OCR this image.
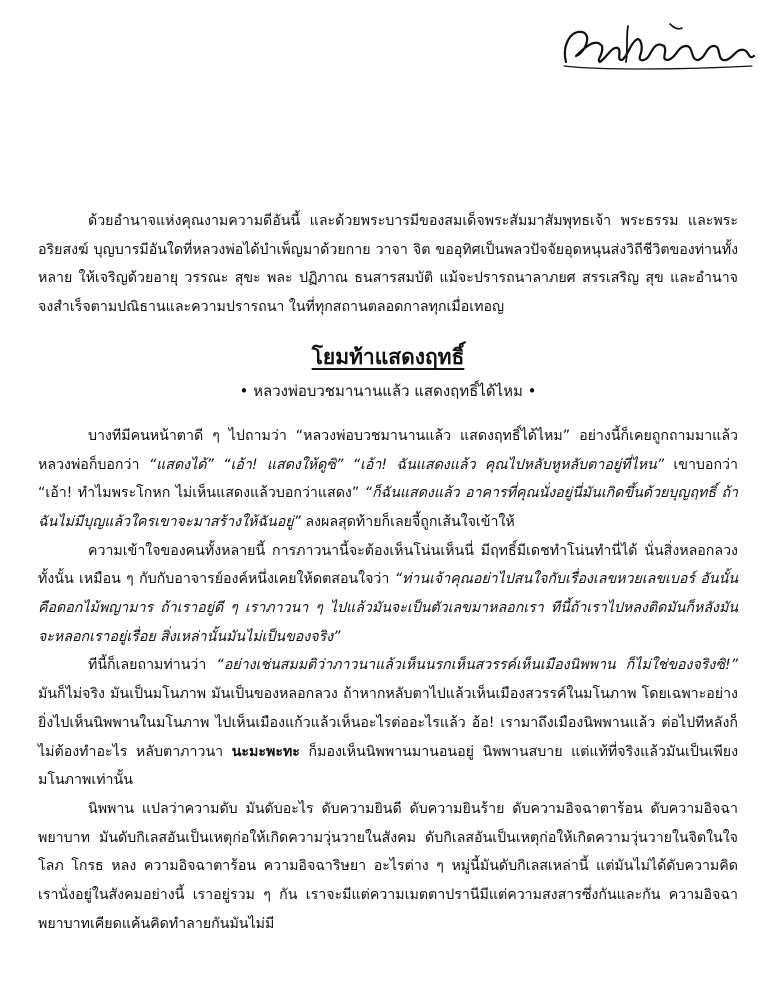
ด้วยอำนาจแห่งคุณงามความดีอันนี้ และด้วยพระบารมีของสมเด็จพระสัมมาสัมพุทธเจ้า พระธรรม และพระอริยสงฆ์ บุญบารมีอันใดที่หลวงพ่อได้บำเพ็ญมาด้วยกาย วาจา จิต ขออุทิศเป็นพลวปัจจัยอุดหนุนส่งวิถีชีวิตของท่านทั้งหลาย ให้เจริญด้วยอายุ วรรณะ สุขะ พละ ปฏิภาณ ธนสารสมบัติ แม้จะปรารถนาลาภยศ สรรเสริญ สุข และอำนาจ จงสำเร็จตามปณิธานและความปรารถนา ในที่ทุกสถานตลอดกาลทุกเมื่อเทอญ

โยมท้าแสดงฤทธิ์
• หลวงพ่อบวชมานานแล้ว แสดงฤทธิ์ได้ไหม •

บางทีมีคนหน้าตาดี ๆ ไปถามว่า “หลวงพ่อบวชมานานแล้ว แสดงฤทธิ์ได้ไหม” อย่างนี้ก็เคยถูกถามมาแล้ว หลวงพ่อก็บอกว่า “แสดงได้” “เอ้า! แสดงให้ดูซิ” “เอ้า! ฉันแสดงแล้ว คุณไปหลับหูหลับตาอยู่ที่ไหน” เขาบอกว่า “เอ้า! ทำไมพระโกหก ไม่เห็นแสดงแล้วบอกว่าแสดง” “ก็ฉันแสดงแล้ว อาคารที่คุณนั่งอยู่นี่มันเกิดขึ้นด้วยบุญฤทธิ์ ถ้าฉันไม่มีบุญแล้วใครเขาจะมาสร้างให้ฉันอยู่” ลงผลสุดท้ายก็เลยจี้ถูกเส้นใจเข้าให้

ความเข้าใจของคนทั้งหลายนี้ การภาวนานี้จะต้องเห็นโน่นเห็นนี่ มีฤทธิ์มีเดชทำโน่นทำนี่ได้ นั่นสิ่งหลอกลวงทั้งนั้น เหมือน ๆ กับกับอาจารย์องค์หนึ่งเคยให้ดตสอนใจว่า “ท่านเจ้าคุณอย่าไปสนใจกับเรื่องเลขหวยเลขเบอร์ อันนั้นคือดอกไม้พญามาร ถ้าเราอยู่ดี ๆ เราภาวนา ๆ ไปแล้วมันจะเป็นตัวเลขมาหลอกเรา ทีนี้ถ้าเราไปหลงติดมันก็หลังมันจะหลอกเราอยู่เรื่อย สิ่งเหล่านั้นมันไม่เป็นของจริง”

ทีนี้ก็เลยถามท่านว่า “อย่างเช่นสมมติว่าภาวนาแล้วเห็นนรกเห็นสวรรค์เห็นเมืองนิพพาน ก็ไม่ใช่ของจริงซิ!” มันก็ไม่จริง มันเป็นมโนภาพ มันเป็นของหลอกลวง ถ้าหากหลับตาไปแล้วเห็นเมืองสวรรค์ในมโนภาพ โดยเฉพาะอย่างยิ่งไปเห็นนิพพานในมโนภาพ ไปเห็นเมืองแก้วแล้วเห็นอะไรต่ออะไรแล้ว อ้อ! เรามาถึงเมืองนิพพานแล้ว ต่อไปทีหลังก็ไม่ต้องทำอะไร หลับตาภาวนา นะมะพะทะ ก็มองเห็นนิพพานมานอนอยู่ นิพพานสบาย แต่แท้ที่จริงแล้วมันเป็นเพียงมโนภาพเท่านั้น

นิพพาน แปลว่าความดับ มันดับอะไร ดับความยินดี ดับความยินร้าย ดับความอิจฉาตาร้อน ดับความอิจฉาพยาบาท มันดับกิเลสอันเป็นเหตุก่อให้เกิดความวุ่นวายในสังคม ดับกิเลสอันเป็นเหตุก่อให้เกิดความวุ่นวายในจิตในใจ โลภ โกรธ หลง ความอิจฉาตาร้อน ความอิจฉาริษยา อะไรต่าง ๆ หมู่นี้มันดับกิเลสเหล่านี้ แต่มันไม่ได้ดับความคิด เรานั่งอยู่ในสังคมอย่างนี้ เราอยู่รวม ๆ กัน เราจะมีแต่ความเมตตาปรานีมีแต่ความสงสารซึ่งกันและกัน ความอิจฉาพยาบาทเคียดแค้นคิดทำลายกันมันไม่มี
